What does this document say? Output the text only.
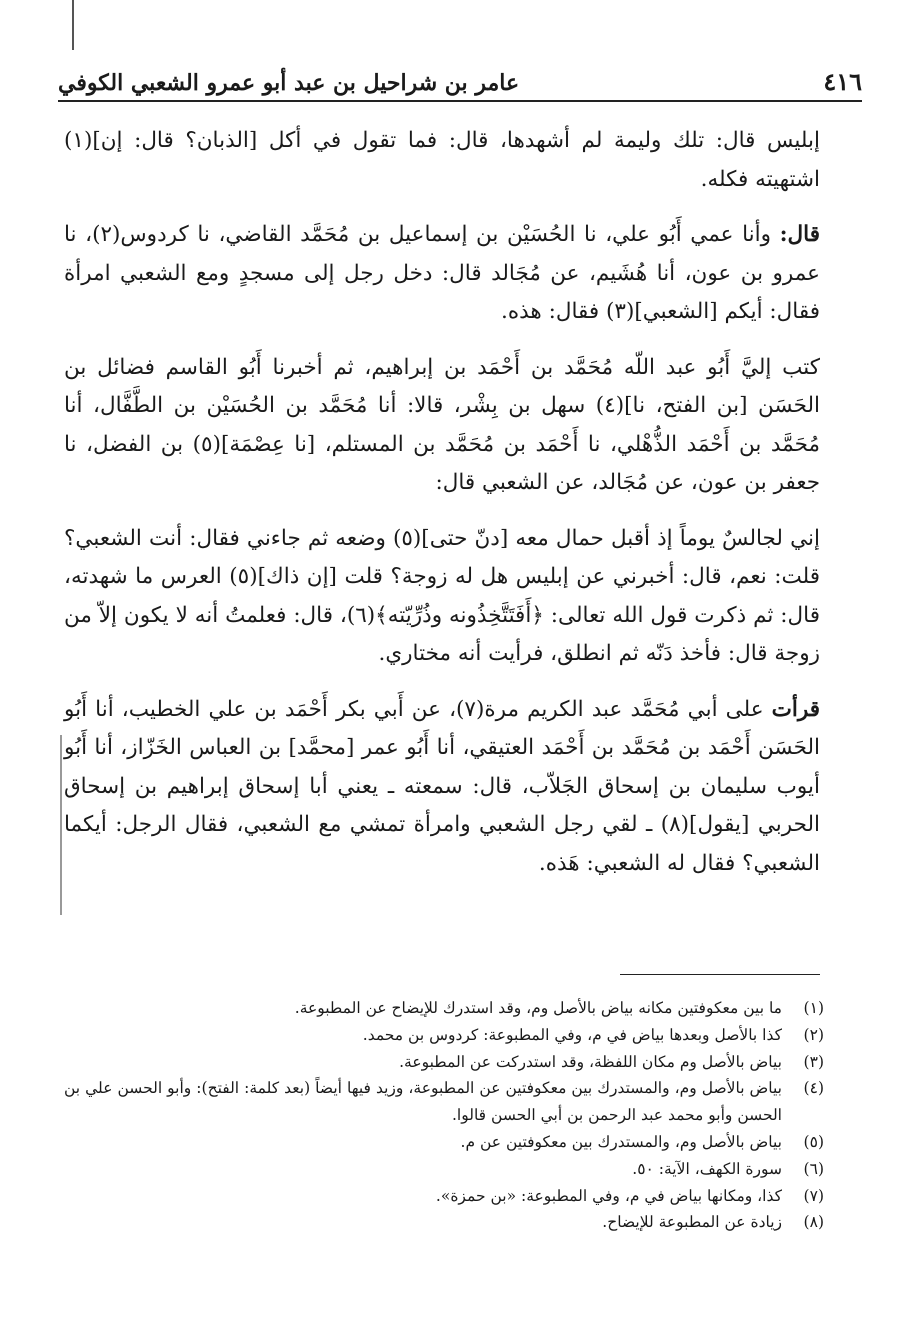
٤١٦
عامر بن شراحيل بن عبد أبو عمرو الشعبي الكوفي

إبليس قال: تلك وليمة لم أشهدها، قال: فما تقول في أكل [الذبان؟ قال: إن](١) اشتهيته فكله.

قال: وأنا عمي أَبُو علي، نا الحُسَيْن بن إسماعيل بن مُحَمَّد القاضي، نا كردوس(٢)، نا عمرو بن عون، أنا هُشَيم، عن مُجَالد قال: دخل رجل إلى مسجدٍ ومع الشعبي امرأة فقال: أيكم [الشعبي](٣) فقال: هذه.

كتب إليَّ أَبُو عبد اللّه مُحَمَّد بن أَحْمَد بن إبراهيم، ثم أخبرنا أَبُو القاسم فضائل بن الحَسَن [بن الفتح، نا](٤) سهل بن بِشْر، قالا: أنا مُحَمَّد بن الحُسَيْن بن الطَّفَّال، أنا مُحَمَّد بن أَحْمَد الذُّهْلي، نا أَحْمَد بن مُحَمَّد بن المستلم، [نا عِصْمَة](٥) بن الفضل، نا جعفر بن عون، عن مُجَالد، عن الشعبي قال:

إني لجالسٌ يوماً إذ أقبل حمال معه [دنّ حتى](٥) وضعه ثم جاءني فقال: أنت الشعبي؟ قلت: نعم، قال: أخبرني عن إبليس هل له زوجة؟ قلت [إن ذاك](٥) العرس ما شهدته، قال: ثم ذكرت قول الله تعالى: ﴿أَفَتَتَّخِذُونه وذُرِّيّته﴾(٦)، قال: فعلمتُ أنه لا يكون إلاّ من زوجة قال: فأخذ دَنّه ثم انطلق، فرأيت أنه مختاري.

قرأت على أبي مُحَمَّد عبد الكريم مرة(٧)، عن أَبي بكر أَحْمَد بن علي الخطيب، أنا أَبُو الحَسَن أَحْمَد بن مُحَمَّد بن أَحْمَد العتيقي، أنا أَبُو عمر [محمَّد] بن العباس الخَزّاز، أنا أَبُو أيوب سليمان بن إسحاق الجَلاّب، قال: سمعته ـ يعني أبا إسحاق إبراهيم بن إسحاق الحربي [يقول](٨) ـ لقي رجل الشعبي وامرأة تمشي مع الشعبي، فقال الرجل: أيكما الشعبي؟ فقال له الشعبي: هَذه.

(١)
ما بين معكوفتين مكانه بياض بالأصل وم، وقد استدرك للإيضاح عن المطبوعة.
(٢)
كذا بالأصل وبعدها بياض في م، وفي المطبوعة: كردوس بن محمد.
(٣)
بياض بالأصل وم مكان اللفظة، وقد استدركت عن المطبوعة.
(٤)
بياض بالأصل وم، والمستدرك بين معكوفتين عن المطبوعة، وزيد فيها أيضاً (بعد كلمة: الفتح): وأبو الحسن علي بن الحسن وأبو محمد عبد الرحمن بن أبي الحسن قالوا.
(٥)
بياض بالأصل وم، والمستدرك بين معكوفتين عن م.
(٦)
سورة الكهف، الآية: ٥٠.
(٧)
كذا، ومكانها بياض في م، وفي المطبوعة: «بن حمزة».
(٨)
زيادة عن المطبوعة للإيضاح.
